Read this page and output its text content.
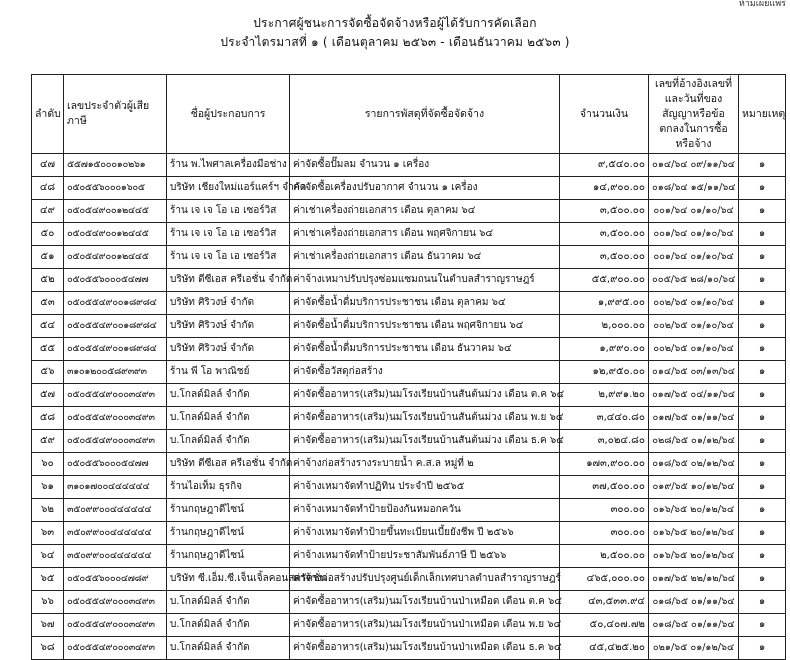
ห้ามเผยแพร่
ประกาศผู้ชนะการจัดซื้อจัดจ้างหรือผู้ได้รับการคัดเลือก
ประจำไตรมาสที่ ๑ ( เดือนตุลาคม ๒๕๖๓ - เดือนธันวาคม ๒๕๖๓ )
ลำดับ	เลขประจำตัวผู้เสียภาษี	ชื่อผู้ประกอบการ	รายการพัสดุที่จัดซื้อจัดจ้าง	จำนวนเงิน	เลขที่อ้างอิงเลขที่และวันที่ของสัญญาหรือข้อตกลงในการซื้อหรือจ้าง	หมายเหตุ
๔๗	๕๕๗๑๕๐๐๐๑๐๒๖๑	ร้าน พ.ไพศาลเครื่องมือช่าง	ค่าจัดซื้อปั๊มลม จำนวน ๑ เครื่อง	๙,๕๔๐.๐๐	๐๑๔/๖๔ ๐๙/๑๑/๖๔	๑
๔๘	๐๕๐๕๕๖๐๐๐๑๖๐๕	บริษัท เชียงใหม่แอร์แคร์ฯ จำกัด	ค่าจัดซื้อเครื่องปรับอากาศ จำนวน ๑ เครื่อง	๑๔,๙๐๐.๐๐	๐๑๘/๖๔ ๑๕/๑๑/๖๔	๑
๔๙	๐๕๐๕๔๙๐๐๑๒๔๔๕	ร้าน เจ เจ โอ เอ เซอร์วิส	ค่าเช่าเครื่องถ่ายเอกสาร เดือน ตุลาคม ๖๔	๓,๕๐๐.๐๐	๐๐๑/๖๔ ๐๑/๑๐/๖๔	๑
๕๐	๐๕๐๕๔๙๐๐๑๒๔๔๕	ร้าน เจ เจ โอ เอ เซอร์วิส	ค่าเช่าเครื่องถ่ายเอกสาร เดือน พฤศจิกายน ๖๔	๓,๕๐๐.๐๐	๐๐๑/๖๔ ๐๑/๑๐/๖๔	๑
๕๑	๐๕๐๕๔๙๐๐๑๒๔๔๕	ร้าน เจ เจ โอ เอ เซอร์วิส	ค่าเช่าเครื่องถ่ายเอกสาร เดือน ธันวาคม ๖๔	๓,๕๐๐.๐๐	๐๐๑/๖๔ ๐๑/๑๐/๖๔	๑
๕๒	๐๕๐๕๕๖๐๐๐๕๔๗๗	บริษัท ดีซีเอส ครีเอชั่น จำกัด	ค่าจ้างเหมาปรับปรุงซ่อมแซมถนนในตำบลสำราญราษฎร์	๕๕,๙๐๐.๐๐	๐๐๕/๖๕ ๒๘/๑๐/๖๔	๑
๕๓	๐๕๐๕๕๔๙๐๐๑๘๙๘๔	บริษัท ศิริวงษ์ จำกัด	ค่าจัดซื้อน้ำดื่มบริการประชาชน เดือน ตุลาคม ๖๔	๑,๙๙๕.๐๐	๐๐๒/๖๕ ๐๑/๑๐/๖๔	๑
๕๔	๐๕๐๕๕๔๙๐๐๑๘๙๘๔	บริษัท ศิริวงษ์ จำกัด	ค่าจัดซื้อน้ำดื่มบริการประชาชน เดือน พฤศจิกายน ๖๔	๒,๐๐๐.๐๐	๐๐๒/๖๕ ๐๑/๑๐/๖๔	๑
๕๕	๐๕๐๕๕๔๙๐๐๑๘๙๘๔	บริษัท ศิริวงษ์ จำกัด	ค่าจัดซื้อน้ำดื่มบริการประชาชน เดือน ธันวาคม ๖๔	๑,๙๙๐.๐๐	๐๐๒/๖๕ ๐๑/๑๐/๖๔	๑
๕๖	๓๑๐๑๒๐๐๕๘๙๓๙๓	ร้าน พี โอ พาณิชย์	ค่าจัดซื้อวัสดุก่อสร้าง	๑๒,๙๕๐.๐๐	๐๑๔/๖๕ ๐๓/๑๓/๖๔	๑
๕๗	๐๕๐๕๕๔๙๐๐๐๓๔๙๓	บ.โกลด์มิลล์ จำกัด	ค่าจัดซื้ออาหาร(เสริม)นมโรงเรียนบ้านสันต้นม่วง เดือน ต.ค ๖๔	๒,๙๙๑.๒๐	๐๑๗/๖๕ ๐๔/๑๑/๖๔	๑
๕๘	๐๕๐๕๕๔๙๐๐๐๓๔๙๓	บ.โกลด์มิลล์ จำกัด	ค่าจัดซื้ออาหาร(เสริม)นมโรงเรียนบ้านสันต้นม่วง เดือน พ.ย ๖๔	๓,๔๔๐.๘๐	๐๑๗/๖๕ ๐๑/๑๑/๖๔	๑
๕๙	๐๕๐๕๕๔๙๐๐๐๓๔๙๓	บ.โกลด์มิลล์ จำกัด	ค่าจัดซื้ออาหาร(เสริม)นมโรงเรียนบ้านสันต้นม่วง เดือน ธ.ค ๖๔	๓,๐๒๔.๘๐	๐๒๘/๖๕ ๐๑/๑๒/๖๔	๑
๖๐	๐๕๐๕๕๖๐๐๐๕๔๗๗	บริษัท ดีซีเอส ครีเอชั่น จำกัด	ค่าจ้างก่อสร้างรางระบายน้ำ ค.ส.ล หมู่ที่ ๒	๑๗๓,๙๐๐.๐๐	๐๑๘/๖๕ ๐๒/๑๒/๖๔	๑
๖๑	๓๑๐๑๗๐๐๔๔๔๔๔๔	ร้านไอเท็ม ธุรกิจ	ค่าจ้างเหมาจัดทำปฏิทิน ประจำปี ๒๕๖๕	๓๗,๕๐๐.๐๐	๐๑๙/๖๕ ๑๐/๑๒/๖๔	๑
๖๒	๓๕๐๙๙๐๐๔๔๔๔๔๔	ร้านกฤษฎาดีไซน์	ค่าจ้างเหมาจัดทำป้ายป้องกันหมอกควัน	๓๐๐.๐๐	๐๑๖/๖๕ ๒๐/๑๒/๖๔	๑
๖๓	๓๕๐๙๙๐๐๔๔๔๔๔๔	ร้านกฤษฎาดีไซน์	ค่าจ้างเหมาจัดทำป้ายขึ้นทะเบียนเบี้ยยังชีพ ปี ๒๕๖๖	๓๐๐.๐๐	๐๑๖/๖๕ ๒๐/๑๒/๖๔	๑
๖๔	๓๕๐๙๙๐๐๔๔๔๔๔๔	ร้านกฤษฎาดีไซน์	ค่าจ้างเหมาจัดทำป้ายประชาสัมพันธ์ภาษี ปี ๒๕๖๖	๒,๕๐๐.๐๐	๐๑๖/๖๕ ๒๐/๑๒/๖๔	๑
๖๕	๐๕๐๕๕๖๐๐๐๔๗๘๙	บริษัท ซี.เอ็ม.ซี.เจ็นเจิ้ลคอนสตรัคชั่น	ค่าจ้างก่อสร้างปรับปรุงศูนย์เด็กเล็กเทศบาลตำบลสำราญราษฎร์	๔๖๕,๐๐๐.๐๐	๐๑๗/๖๕ ๒๒/๑๒/๖๔	๑
๖๖	๐๕๐๕๕๔๙๐๐๐๓๔๙๓	บ.โกลด์มิลล์ จำกัด	ค่าจัดซื้ออาหาร(เสริม)นมโรงเรียนบ้านป่าเหมือด เดือน ต.ค ๖๔	๔๓,๕๓๓.๙๔	๐๑๘/๖๕ ๐๑/๑๑/๖๔	๑
๖๗	๐๕๐๕๕๔๙๐๐๐๓๔๙๓	บ.โกลด์มิลล์ จำกัด	ค่าจัดซื้ออาหาร(เสริม)นมโรงเรียนบ้านป่าเหมือด เดือน พ.ย ๖๔	๕๐,๔๐๗.๗๒	๐๑๘/๖๕ ๐๑/๑๑/๖๔	๑
๖๘	๐๕๐๕๕๔๙๐๐๐๓๔๙๓	บ.โกลด์มิลล์ จำกัด	ค่าจัดซื้ออาหาร(เสริม)นมโรงเรียนบ้านป่าเหมือด เดือน ธ.ค ๖๔	๔๕,๔๒๕.๒๐	๐๒๑/๖๕ ๐๑/๑๒/๖๔	๑
